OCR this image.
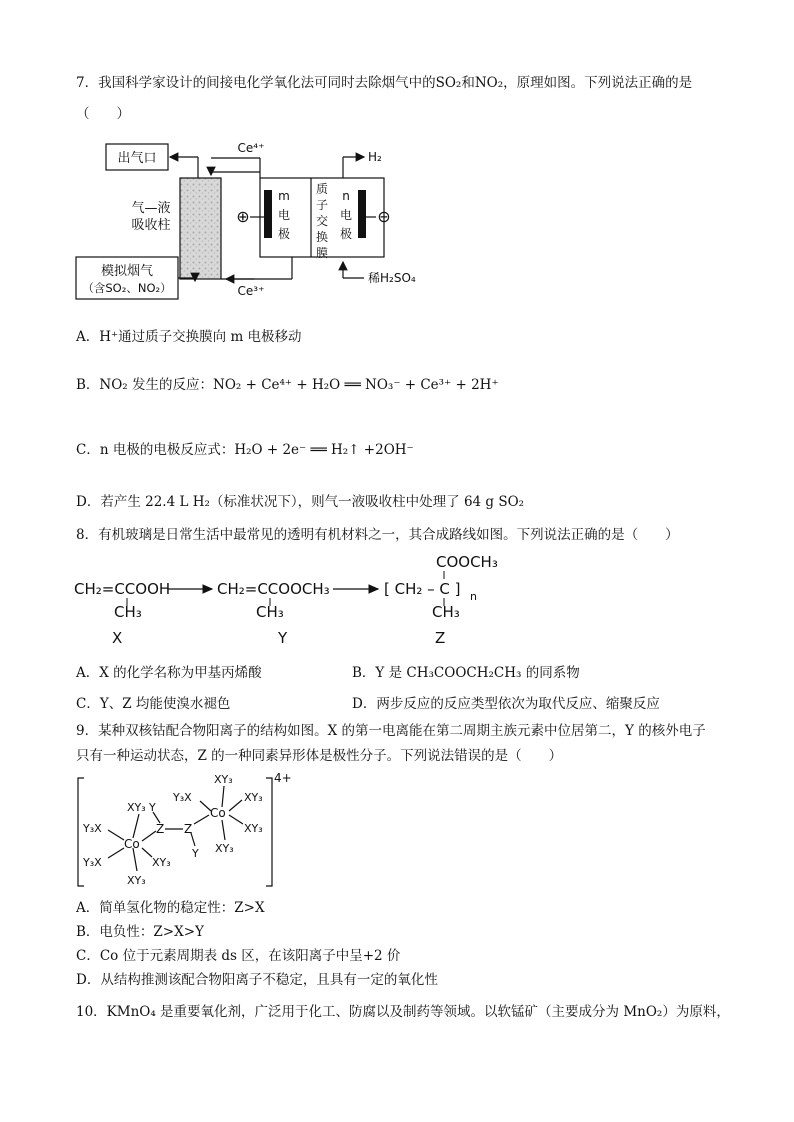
7．我国科学家设计的间接电化学氧化法可同时去除烟气中的SO₂和NO₂，原理如图。下列说法正确的是
（　　）
出气口
气—液
吸收柱
模拟烟气
（含SO₂、NO₂）
Ce⁴⁺
Ce³⁺
m
电
极
质
子
交
换
膜
n
电
极
⊕	⊖
H₂
稀H₂SO₄
A．H⁺通过质子交换膜向 m 电极移动
B．NO₂ 发生的反应：NO₂ + Ce⁴⁺ + H₂O ══ NO₃⁻ + Ce³⁺ + 2H⁺
C．n 电极的电极反应式：H₂O + 2e⁻ ══ H₂↑ +2OH⁻
D．若产生 22.4 L H₂（标准状况下），则气一液吸收柱中处理了 64 g SO₂
8．有机玻璃是日常生活中最常见的透明有机材料之一，其合成路线如图。下列说法正确的是（　　）
CH₂=CCOOH
CH₃
X
CH₂=CCOOCH₃
CH₃
Y
COOCH₃
[ CH₂ – C ] n
CH₃
Z
A．X 的化学名称为甲基丙烯酸	B．Y 是 CH₃COOCH₂CH₃ 的同系物
C．Y、Z 均能使溴水褪色	D．两步反应的反应类型依次为取代反应、缩聚反应
9．某种双核钴配合物阳离子的结构如图。X 的第一电离能在第二周期主族元素中位居第二，Y 的核外电子
只有一种运动状态，Z 的一种同素异形体是极性分子。下列说法错误的是（　　）
4+
Co
XY₃ Y
Y₃X
Y₃X	XY₃
XY₃
Z Z
Y
Co
XY₃
Y₃X	XY₃
XY₃
XY₃
A．简单氢化物的稳定性：Z>X
B．电负性：Z>X>Y
C．Co 位于元素周期表 ds 区，在该阳离子中呈+2 价
D．从结构推测该配合物阳离子不稳定，且具有一定的氧化性
10．KMnO₄ 是重要氧化剂，广泛用于化工、防腐以及制药等领域。以软锰矿（主要成分为 MnO₂）为原料，
